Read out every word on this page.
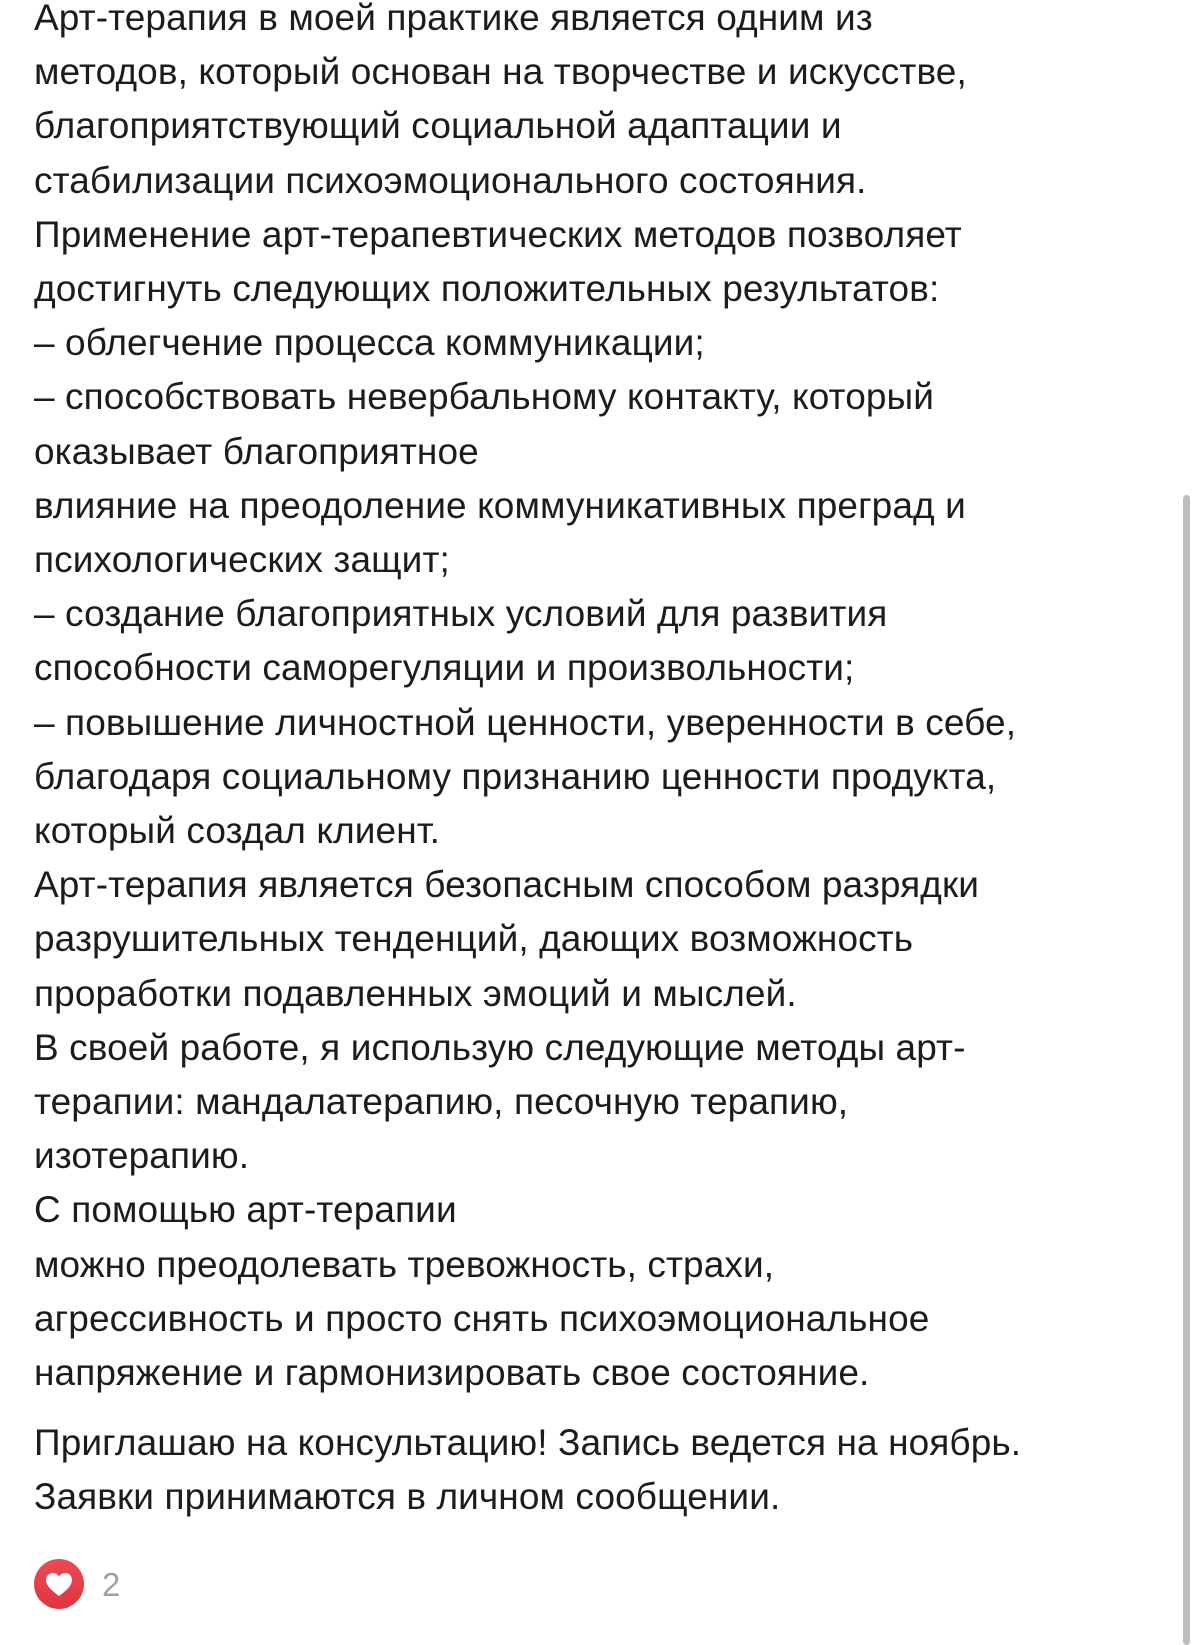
Арт-терапия в моей практике является одним из
методов, который основан на творчестве и искусстве,
благоприятствующий социальной адаптации и
стабилизации психоэмоционального состояния.
Применение арт-терапевтических методов позволяет
достигнуть следующих положительных результатов:
– облегчение процесса коммуникации;
– способствовать невербальному контакту, который
оказывает благоприятное
влияние на преодоление коммуникативных преград и
психологических защит;
– создание благоприятных условий для развития
способности саморегуляции и произвольности;
– повышение личностной ценности, уверенности в себе,
благодаря социальному признанию ценности продукта,
который создал клиент.
Арт-терапия является безопасным способом разрядки
разрушительных тенденций, дающих возможность
проработки подавленных эмоций и мыслей.
В своей работе, я использую следующие методы арт-
терапии: мандалатерапию, песочную терапию,
изотерапию.
С помощью арт-терапии
можно преодолевать тревожность, страхи,
агрессивность и просто снять психоэмоциональное
напряжение и гармонизировать свое состояние.
Приглашаю на консультацию! Запись ведется на ноябрь.
Заявки принимаются в личном сообщении.
2
